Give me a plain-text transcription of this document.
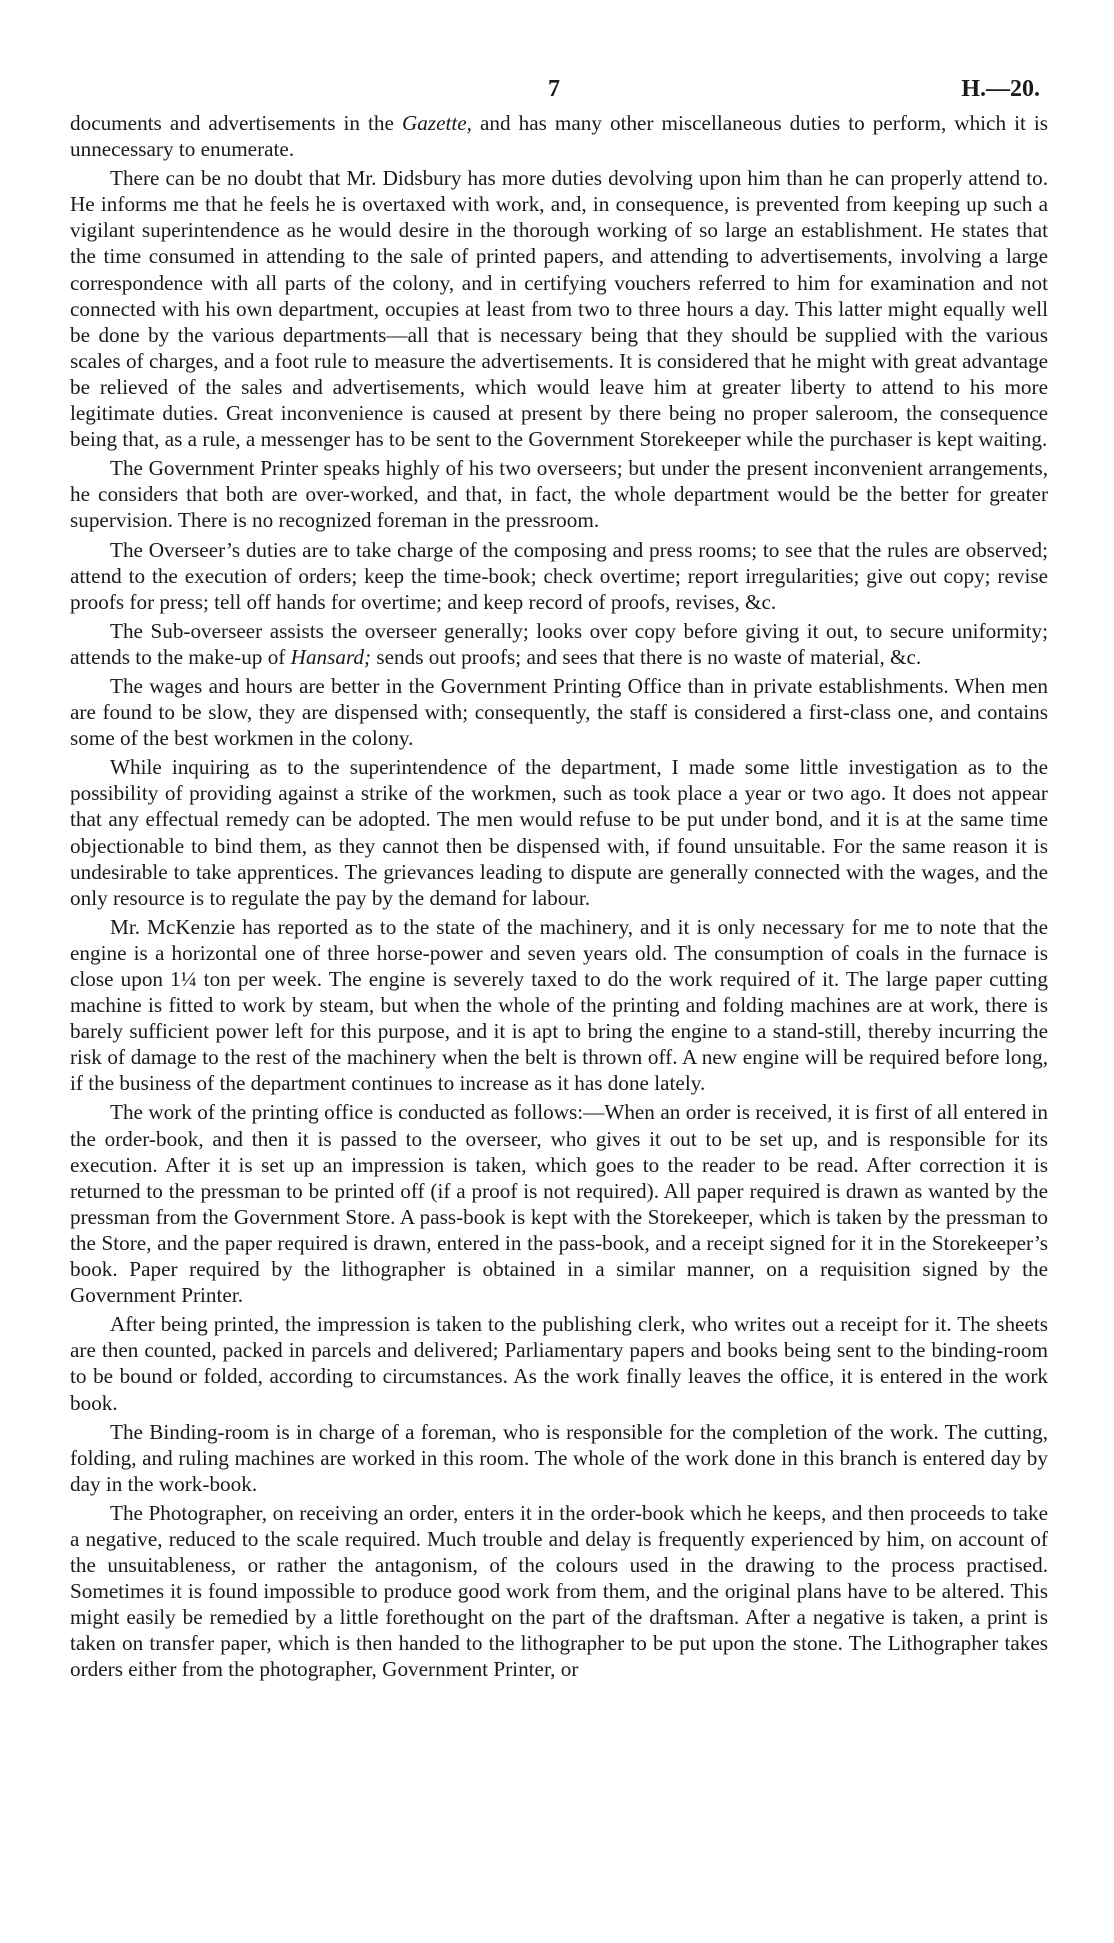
7	H.—20.

documents and advertisements in the Gazette, and has many other miscellaneous duties to perform, which it is unnecessary to enumerate.

There can be no doubt that Mr. Didsbury has more duties devolving upon him than he can properly attend to. He informs me that he feels he is overtaxed with work, and, in consequence, is prevented from keeping up such a vigilant superintendence as he would desire in the thorough working of so large an establishment. He states that the time consumed in attending to the sale of printed papers, and attending to advertisements, involving a large correspondence with all parts of the colony, and in certifying vouchers referred to him for examination and not connected with his own department, occupies at least from two to three hours a day. This latter might equally well be done by the various departments—all that is necessary being that they should be supplied with the various scales of charges, and a foot rule to measure the advertisements. It is considered that he might with great advantage be relieved of the sales and advertisements, which would leave him at greater liberty to attend to his more legitimate duties. Great inconvenience is caused at present by there being no proper saleroom, the consequence being that, as a rule, a messenger has to be sent to the Government Storekeeper while the purchaser is kept waiting.

The Government Printer speaks highly of his two overseers; but under the present inconvenient arrangements, he considers that both are over-worked, and that, in fact, the whole department would be the better for greater supervision. There is no recognized foreman in the pressroom.

The Overseer’s duties are to take charge of the composing and press rooms; to see that the rules are observed; attend to the execution of orders; keep the time-book; check overtime; report irregularities; give out copy; revise proofs for press; tell off hands for overtime; and keep record of proofs, revises, &c.

The Sub-overseer assists the overseer generally; looks over copy before giving it out, to secure uniformity; attends to the make-up of Hansard; sends out proofs; and sees that there is no waste of material, &c.

The wages and hours are better in the Government Printing Office than in private establishments. When men are found to be slow, they are dispensed with; consequently, the staff is considered a first-class one, and contains some of the best workmen in the colony.

While inquiring as to the superintendence of the department, I made some little investigation as to the possibility of providing against a strike of the workmen, such as took place a year or two ago. It does not appear that any effectual remedy can be adopted. The men would refuse to be put under bond, and it is at the same time objectionable to bind them, as they cannot then be dispensed with, if found unsuitable. For the same reason it is undesirable to take apprentices. The grievances leading to dispute are generally connected with the wages, and the only resource is to regulate the pay by the demand for labour.

Mr. McKenzie has reported as to the state of the machinery, and it is only necessary for me to note that the engine is a horizontal one of three horse-power and seven years old. The consumption of coals in the furnace is close upon 1¼ ton per week. The engine is severely taxed to do the work required of it. The large paper cutting machine is fitted to work by steam, but when the whole of the printing and folding machines are at work, there is barely sufficient power left for this purpose, and it is apt to bring the engine to a stand-still, thereby incurring the risk of damage to the rest of the machinery when the belt is thrown off. A new engine will be required before long, if the business of the department continues to increase as it has done lately.

The work of the printing office is conducted as follows:—When an order is received, it is first of all entered in the order-book, and then it is passed to the overseer, who gives it out to be set up, and is responsible for its execution. After it is set up an impression is taken, which goes to the reader to be read. After correction it is returned to the pressman to be printed off (if a proof is not required). All paper required is drawn as wanted by the pressman from the Government Store. A pass-book is kept with the Storekeeper, which is taken by the pressman to the Store, and the paper required is drawn, entered in the pass-book, and a receipt signed for it in the Storekeeper’s book. Paper required by the lithographer is obtained in a similar manner, on a requisition signed by the Government Printer.

After being printed, the impression is taken to the publishing clerk, who writes out a receipt for it. The sheets are then counted, packed in parcels and delivered; Parliamentary papers and books being sent to the binding-room to be bound or folded, according to circumstances. As the work finally leaves the office, it is entered in the work book.

The Binding-room is in charge of a foreman, who is responsible for the completion of the work. The cutting, folding, and ruling machines are worked in this room. The whole of the work done in this branch is entered day by day in the work-book.

The Photographer, on receiving an order, enters it in the order-book which he keeps, and then proceeds to take a negative, reduced to the scale required. Much trouble and delay is frequently experienced by him, on account of the unsuitableness, or rather the antagonism, of the colours used in the drawing to the process practised. Sometimes it is found impossible to produce good work from them, and the original plans have to be altered. This might easily be remedied by a little forethought on the part of the draftsman. After a negative is taken, a print is taken on transfer paper, which is then handed to the lithographer to be put upon the stone. The Lithographer takes orders either from the photographer, Government Printer, or
